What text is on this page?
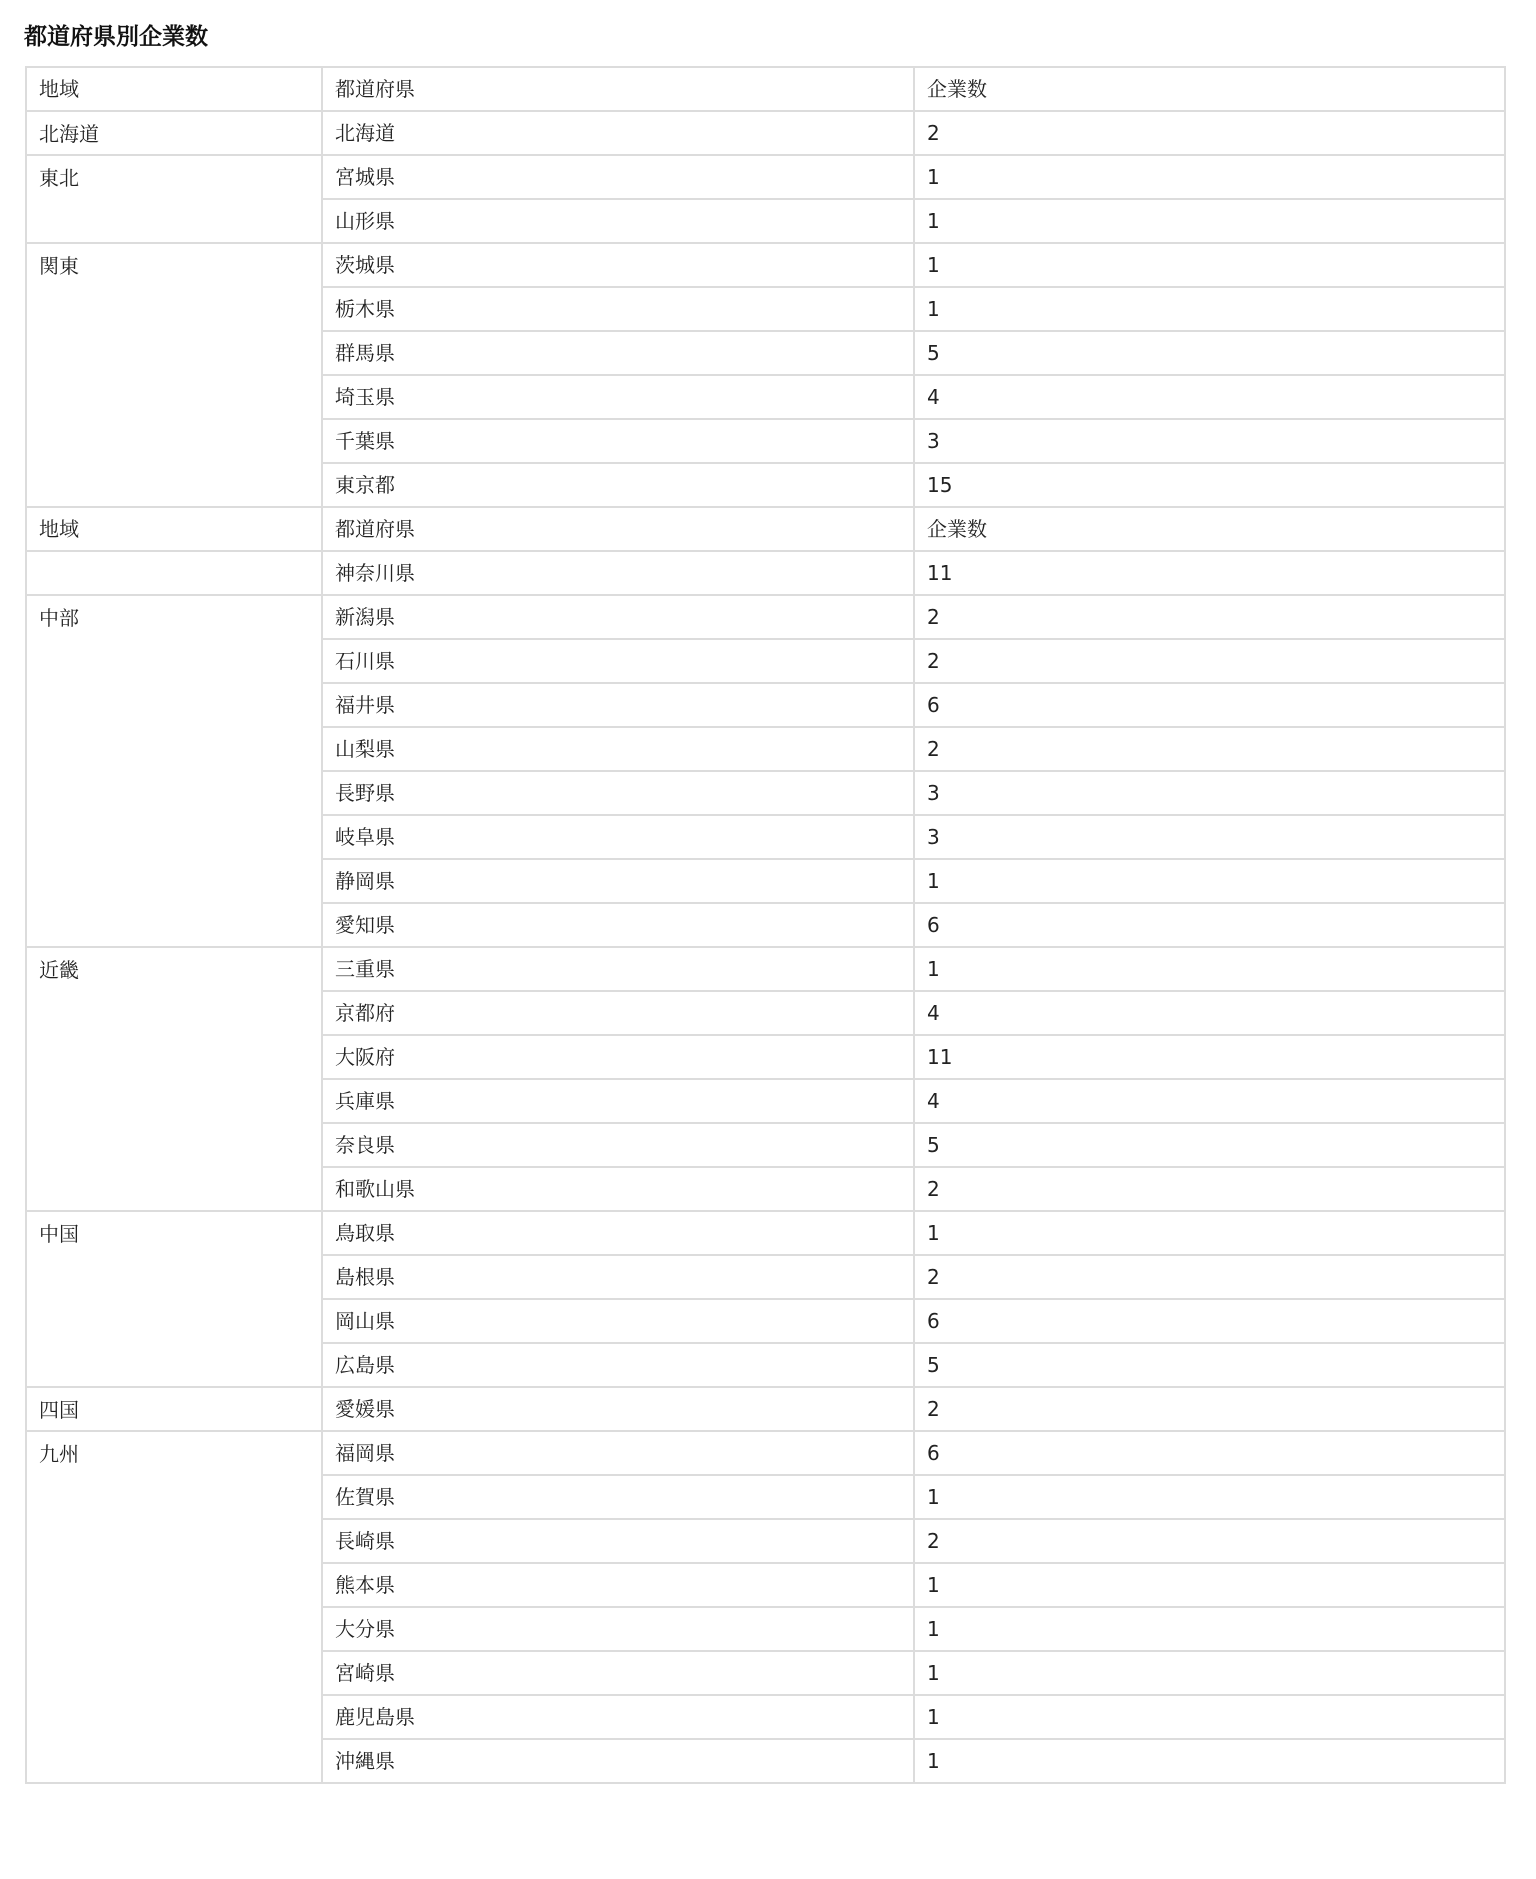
都道府県別企業数
地域	都道府県	企業数
北海道	北海道	2
東北	宮城県	1
	山形県	1
関東	茨城県	1
	栃木県	1
	群馬県	5
	埼玉県	4
	千葉県	3
	東京都	15
地域	都道府県	企業数
	神奈川県	11
中部	新潟県	2
	石川県	2
	福井県	6
	山梨県	2
	長野県	3
	岐阜県	3
	静岡県	1
	愛知県	6
近畿	三重県	1
	京都府	4
	大阪府	11
	兵庫県	4
	奈良県	5
	和歌山県	2
中国	鳥取県	1
	島根県	2
	岡山県	6
	広島県	5
四国	愛媛県	2
九州	福岡県	6
	佐賀県	1
	長崎県	2
	熊本県	1
	大分県	1
	宮崎県	1
	鹿児島県	1
	沖縄県	1
